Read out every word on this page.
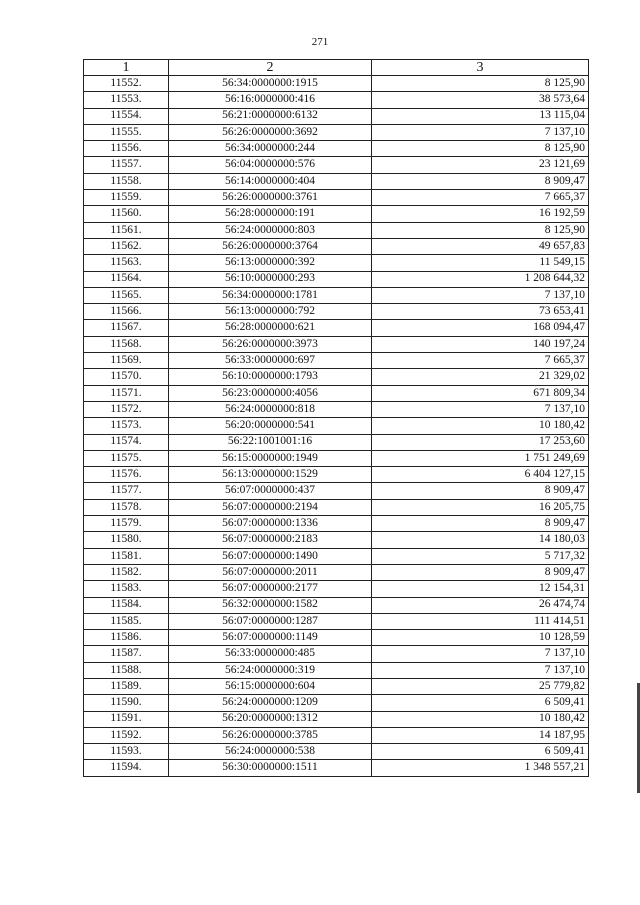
271
1	2	3
11552.	56:34:0000000:1915	8 125,90
11553.	56:16:0000000:416	38 573,64
11554.	56:21:0000000:6132	13 115,04
11555.	56:26:0000000:3692	7 137,10
11556.	56:34:0000000:244	8 125,90
11557.	56:04:0000000:576	23 121,69
11558.	56:14:0000000:404	8 909,47
11559.	56:26:0000000:3761	7 665,37
11560.	56:28:0000000:191	16 192,59
11561.	56:24:0000000:803	8 125,90
11562.	56:26:0000000:3764	49 657,83
11563.	56:13:0000000:392	11 549,15
11564.	56:10:0000000:293	1 208 644,32
11565.	56:34:0000000:1781	7 137,10
11566.	56:13:0000000:792	73 653,41
11567.	56:28:0000000:621	168 094,47
11568.	56:26:0000000:3973	140 197,24
11569.	56:33:0000000:697	7 665,37
11570.	56:10:0000000:1793	21 329,02
11571.	56:23:0000000:4056	671 809,34
11572.	56:24:0000000:818	7 137,10
11573.	56:20:0000000:541	10 180,42
11574.	56:22:1001001:16	17 253,60
11575.	56:15:0000000:1949	1 751 249,69
11576.	56:13:0000000:1529	6 404 127,15
11577.	56:07:0000000:437	8 909,47
11578.	56:07:0000000:2194	16 205,75
11579.	56:07:0000000:1336	8 909,47
11580.	56:07:0000000:2183	14 180,03
11581.	56:07:0000000:1490	5 717,32
11582.	56:07:0000000:2011	8 909,47
11583.	56:07:0000000:2177	12 154,31
11584.	56:32:0000000:1582	26 474,74
11585.	56:07:0000000:1287	111 414,51
11586.	56:07:0000000:1149	10 128,59
11587.	56:33:0000000:485	7 137,10
11588.	56:24:0000000:319	7 137,10
11589.	56:15:0000000:604	25 779,82
11590.	56:24:0000000:1209	6 509,41
11591.	56:20:0000000:1312	10 180,42
11592.	56:26:0000000:3785	14 187,95
11593.	56:24:0000000:538	6 509,41
11594.	56:30:0000000:1511	1 348 557,21
